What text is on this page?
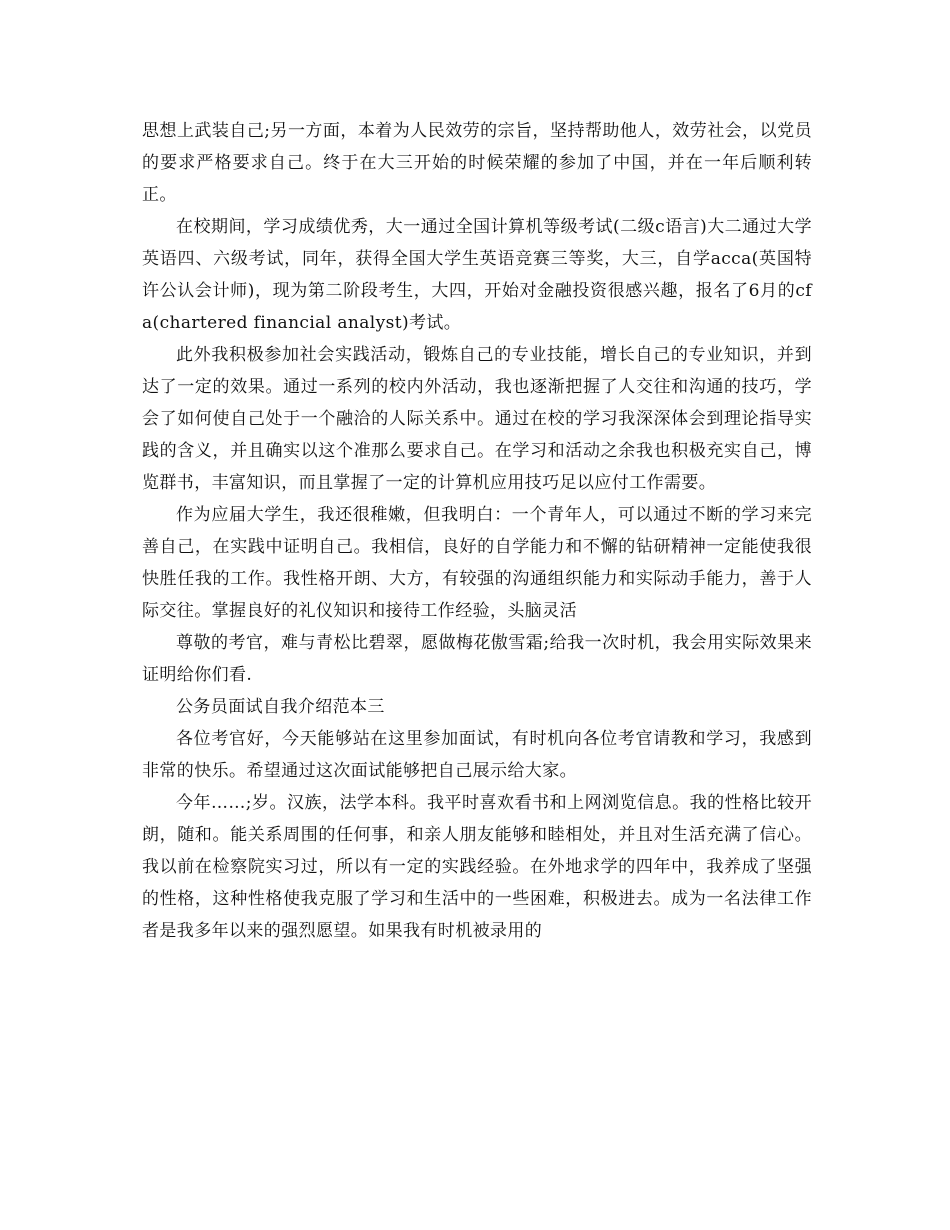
思想上武装自己;另一方面，本着为人民效劳的宗旨，坚持帮助他人，效劳社会，以党员的要求严格要求自己。终于在大三开始的时候荣耀的参加了中国，并在一年后顺利转正。

在校期间，学习成绩优秀，大一通过全国计算机等级考试(二级c语言)大二通过大学英语四、六级考试，同年，获得全国大学生英语竞赛三等奖，大三，自学acca(英国特许公认会计师)，现为第二阶段考生，大四，开始对金融投资很感兴趣，报名了6月的cfa(chartered financial analyst)考试。

此外我积极参加社会实践活动，锻炼自己的专业技能，增长自己的专业知识，并到达了一定的效果。通过一系列的校内外活动，我也逐渐把握了人交往和沟通的技巧，学会了如何使自己处于一个融洽的人际关系中。通过在校的学习我深深体会到理论指导实践的含义，并且确实以这个准那么要求自己。在学习和活动之余我也积极充实自己，博览群书，丰富知识，而且掌握了一定的计算机应用技巧足以应付工作需要。

作为应届大学生，我还很稚嫩，但我明白：一个青年人，可以通过不断的学习来完善自己，在实践中证明自己。我相信，良好的自学能力和不懈的钻研精神一定能使我很快胜任我的工作。我性格开朗、大方，有较强的沟通组织能力和实际动手能力，善于人际交往。掌握良好的礼仪知识和接待工作经验，头脑灵活

尊敬的考官，难与青松比碧翠，愿做梅花傲雪霜;给我一次时机，我会用实际效果来证明给你们看.

公务员面试自我介绍范本三

各位考官好，今天能够站在这里参加面试，有时机向各位考官请教和学习，我感到非常的快乐。希望通过这次面试能够把自己展示给大家。

今年……;岁。汉族，法学本科。我平时喜欢看书和上网浏览信息。我的性格比较开朗，随和。能关系周围的任何事，和亲人朋友能够和睦相处，并且对生活充满了信心。我以前在检察院实习过，所以有一定的实践经验。在外地求学的四年中，我养成了坚强的性格，这种性格使我克服了学习和生活中的一些困难，积极进去。成为一名法律工作者是我多年以来的强烈愿望。如果我有时机被录用的
